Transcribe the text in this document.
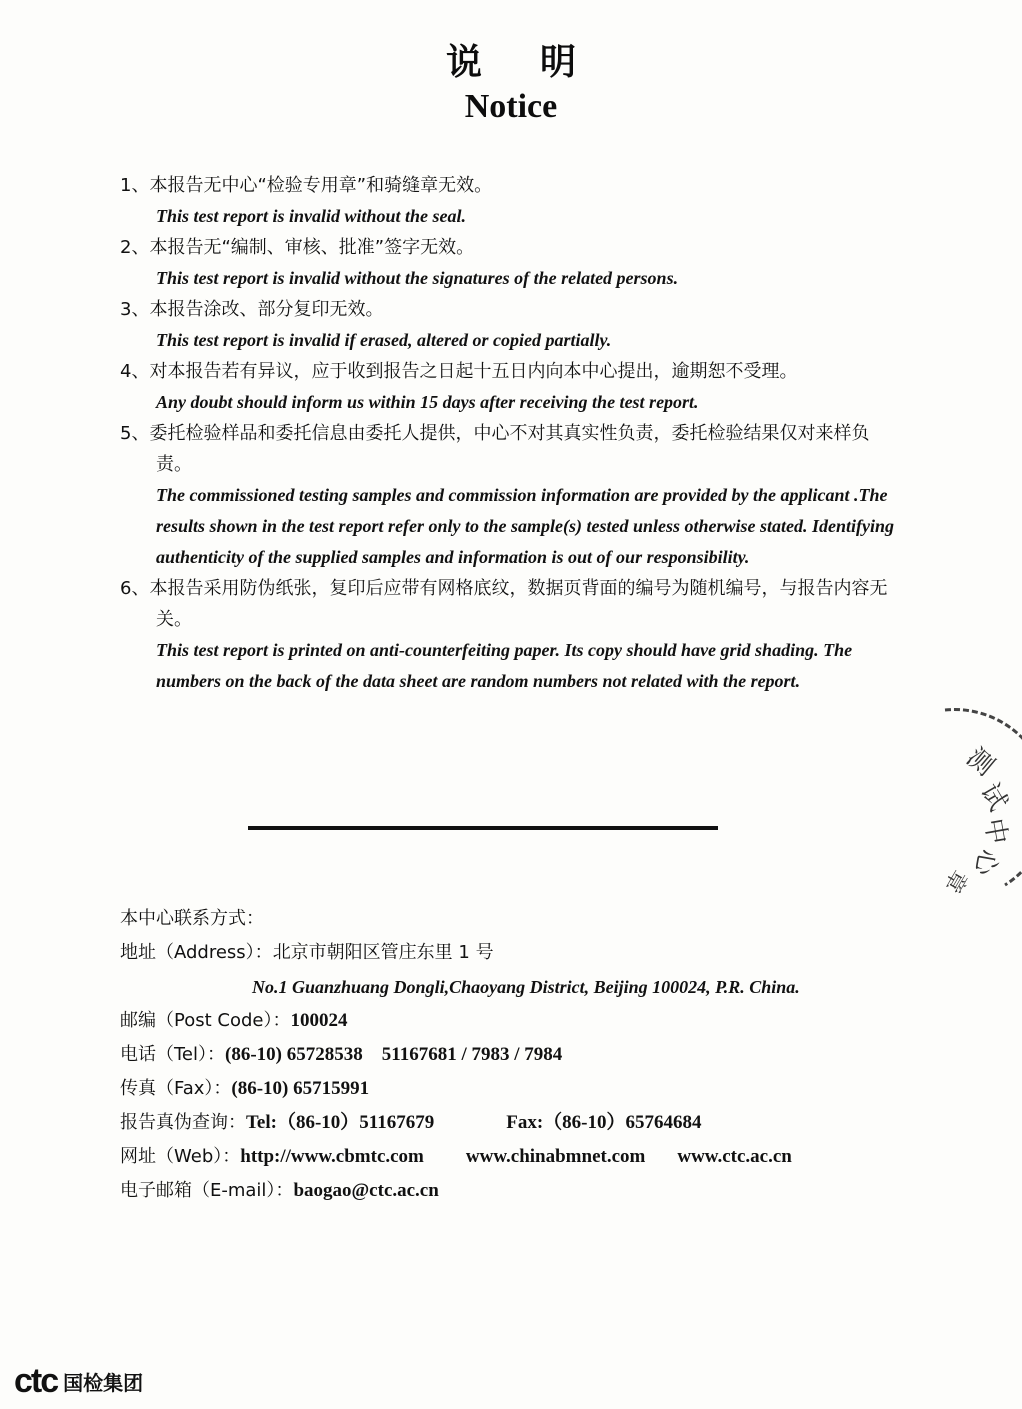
说明
Notice
1、本报告无中心“检验专用章”和骑缝章无效。
This test report is invalid without the seal.
2、本报告无“编制、审核、批准”签字无效。
This test report is invalid without the signatures of the related persons.
3、本报告涂改、部分复印无效。
This test report is invalid if erased, altered or copied partially.
4、对本报告若有异议，应于收到报告之日起十五日内向本中心提出，逾期恕不受理。
Any doubt should inform us within 15 days after receiving the test report.
5、委托检验样品和委托信息由委托人提供，中心不对其真实性负责，委托检验结果仅对来样负责。
The commissioned testing samples and commission information are provided by the applicant .The results shown in the test report refer only to the sample(s) tested unless otherwise stated. Identifying authenticity of the supplied samples and information is out of our responsibility.
6、本报告采用防伪纸张，复印后应带有网格底纹，数据页背面的编号为随机编号，与报告内容无关。
This test report is printed on anti-counterfeiting paper. Its copy should have grid shading. The numbers on the back of the data sheet are random numbers not related with the report.
本中心联系方式：
地址（Address）：北京市朝阳区管庄东里 1 号
No.1 Guanzhuang Dongli,Chaoyang District, Beijing 100024, P.R. China.
邮编（Post Code）：100024
电话（Tel）：(86-10) 65728538    51167681 / 7983 / 7984
传真（Fax）：(86-10) 65715991
报告真伪查询：Tel:（86-10）51167679	Fax:（86-10）65764684
网址（Web）：http://www.cbmtc.com www.chinabmnet.com www.ctc.ac.cn
电子邮箱（E-mail）：baogao@ctc.ac.cn
测
试
中
心
章
ctc 国检集团
